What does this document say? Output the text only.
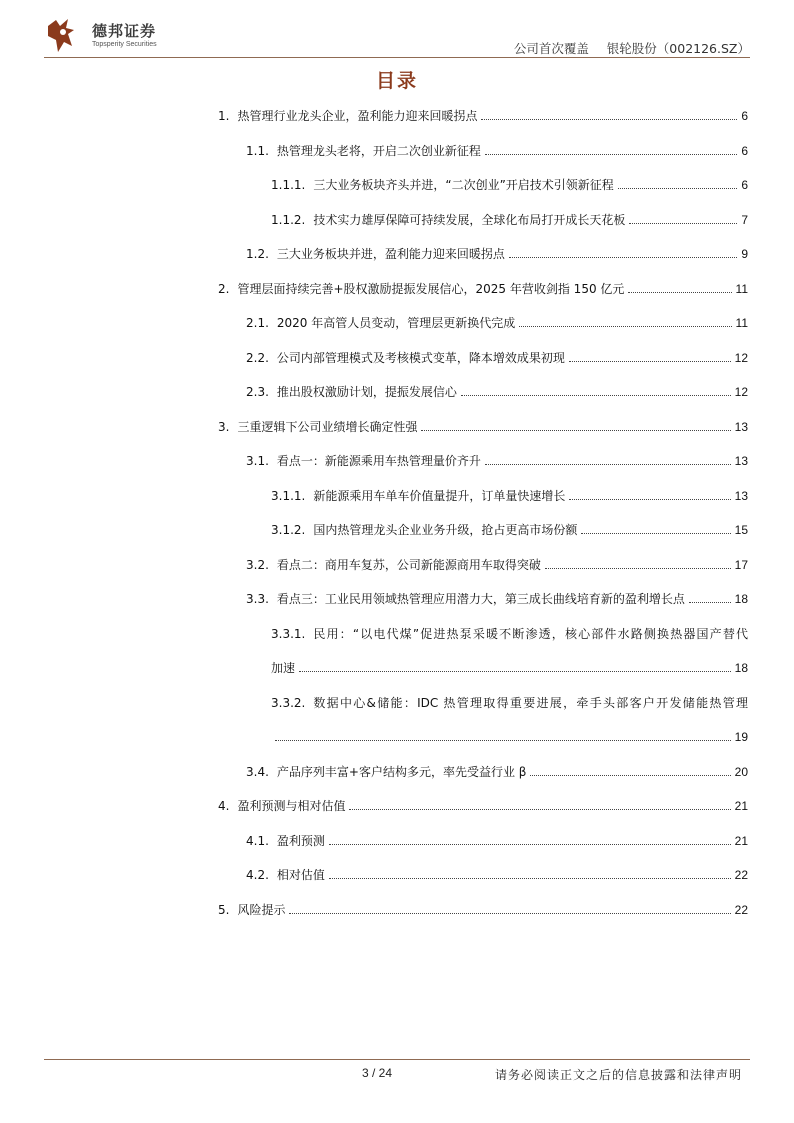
德邦证券
Topsperity Securities	公司首次覆盖 银轮股份（002126.SZ）
目录
1. 热管理行业龙头企业，盈利能力迎来回暖拐点	6
1.1. 热管理龙头老将，开启二次创业新征程	6
1.1.1. 三大业务板块齐头并进，“二次创业”开启技术引领新征程	6
1.1.2. 技术实力雄厚保障可持续发展，全球化布局打开成长天花板	7
1.2. 三大业务板块并进，盈利能力迎来回暖拐点	9
2. 管理层面持续完善+股权激励提振发展信心，2025 年营收剑指 150 亿元	11
2.1. 2020 年高管人员变动，管理层更新换代完成	11
2.2. 公司内部管理模式及考核模式变革，降本增效成果初现	12
2.3. 推出股权激励计划，提振发展信心	12
3. 三重逻辑下公司业绩增长确定性强	13
3.1. 看点一：新能源乘用车热管理量价齐升	13
3.1.1. 新能源乘用车单车价值量提升，订单量快速增长	13
3.1.2. 国内热管理龙头企业业务升级，抢占更高市场份额	15
3.2. 看点二：商用车复苏，公司新能源商用车取得突破	17
3.3. 看点三：工业民用领域热管理应用潜力大，第三成长曲线培育新的盈利增长点	18
3.3.1. 民用：“以电代煤”促进热泵采暖不断渗透，核心部件水路侧换热器国产替代
加速	18
3.3.2. 数据中心&储能：IDC 热管理取得重要进展，牵手头部客户开发储能热管理
19
3.4. 产品序列丰富+客户结构多元，率先受益行业 β	20
4. 盈利预测与相对估值	21
4.1. 盈利预测	21
4.2. 相对估值	22
5. 风险提示	22
3 / 24	请务必阅读正文之后的信息披露和法律声明
